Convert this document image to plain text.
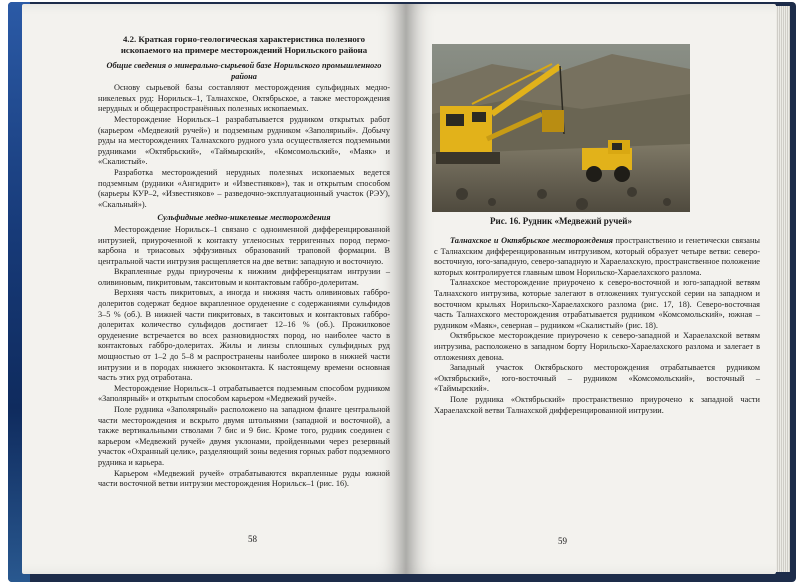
4.2. Краткая горно-геологическая характеристика полезного ископаемого на примере месторождений Норильского района
Общие сведения о минерально-сырьевой базе Норильского промышленного района

Основу сырьевой базы составляют месторождения сульфидных медно-никелевых руд: Норильск–1, Талнахское, Октябрьское, а также месторождения нерудных и общераспространённых полезных ископаемых.

Месторождение Норильск–1 разрабатывается рудником открытых работ (карьером «Медвежий ручей») и подземным рудником «Заполярный». Добычу руды на месторождениях Талнахского рудного узла осуществляется подземными рудниками «Октябрьский», «Таймырский», «Комсомольский», «Маяк» и «Скалистый».

Разработка месторождений нерудных полезных ископаемых ведется подземным (рудники «Ангидрит» и «Известняков»), так и открытым способом (карьеры КУР–2, «Известняков» – разведочно-эксплуатационный участок (РЭУ), «Скальный»).

Сульфидные медно-никелевые месторождения

Месторождение Норильск–1 связано с одноименной дифференцированной интрузией, приуроченной к контакту угленосных терригенных пород пермо-карбона и триасовых эффузивных образований траповой формации. В центральной части интрузия расщепляется на две ветви: западную и восточную.

Вкрапленные руды приурочены к нижним дифференциатам интрузии – оливиновым, пикритовым, такситовым и контактовым габбро-долеритам.

Верхняя часть пикритовых, а иногда и нижняя часть оливиновых габбро-долеритов содержат бедное вкрапленное оруденение с содержаниями сульфидов 3–5 % (об.). В нижней части пикритовых, в такситовых и контактовых габбро-долеритах количество сульфидов достигает 12–16 % (об.). Прожилковое оруденение встречается во всех разновидностях пород, но наиболее часто в контактовых габбро-долеритах. Жилы и линзы сплошных сульфидных руд мощностью от 1–2 до 5–8 м распространены наиболее широко в нижней части интрузии и в породах нижнего экзоконтакта. К настоящему времени основная часть этих руд отработана.

Месторождение Норильск–1 отрабатывается подземным способом рудником «Заполярный» и открытым способом карьером «Медвежий ручей».

Поле рудника «Заполярный» расположено на западном фланге центральной части месторождения и вскрыто двумя штольнями (западной и восточной), а также вертикальными стволами 7 бис и 9 бис. Кроме того, рудник соединен с карьером «Медвежий ручей» двумя уклонами, пройденными через резервный участок «Охранный целик», разделяющий зоны ведения горных работ подземного рудника и карьера.

Карьером «Медвежий ручей» отрабатываются вкрапленные руды южной части восточной ветви интрузии месторождения Норильск–1 (рис. 16).

58
Рис. 16. Рудник «Медвежий ручей»

Талнахское и Октябрьское месторождения пространственно и генетически связаны с Талнахским дифференцированным интрузивом, который образует четыре ветви: северо-восточную, юго-западную, северо-западную и Хараелахскую, пространственное положение которых контролируется главным швом Норильско-Хараелахского разлома.

Талнахское месторождение приурочено к северо-восточной и юго-западной ветвям Талнахского интрузива, которые залегают в отложениях тунгусской серии на западном и восточном крыльях Норильско-Хараелахского разлома (рис. 17, 18). Северо-восточная часть Талнахского месторождения отрабатывается рудником «Комсомольский», южная – рудником «Маяк», северная – рудником «Скалистый» (рис. 18).

Октябрьское месторождение приурочено к северо-западной и Хараелахской ветвям интрузива, расположено в западном борту Норильско-Хараелахского разлома и залегает в отложениях девона.

Западный участок Октябрьского месторождения отрабатывается рудником «Октябрьский», юго-восточный – рудником «Комсомольский», восточный – «Таймырский».

Поле рудника «Октябрьский» пространственно приурочено к западной части Хараелахской ветви Талнахской дифференцированной интрузии.

59
